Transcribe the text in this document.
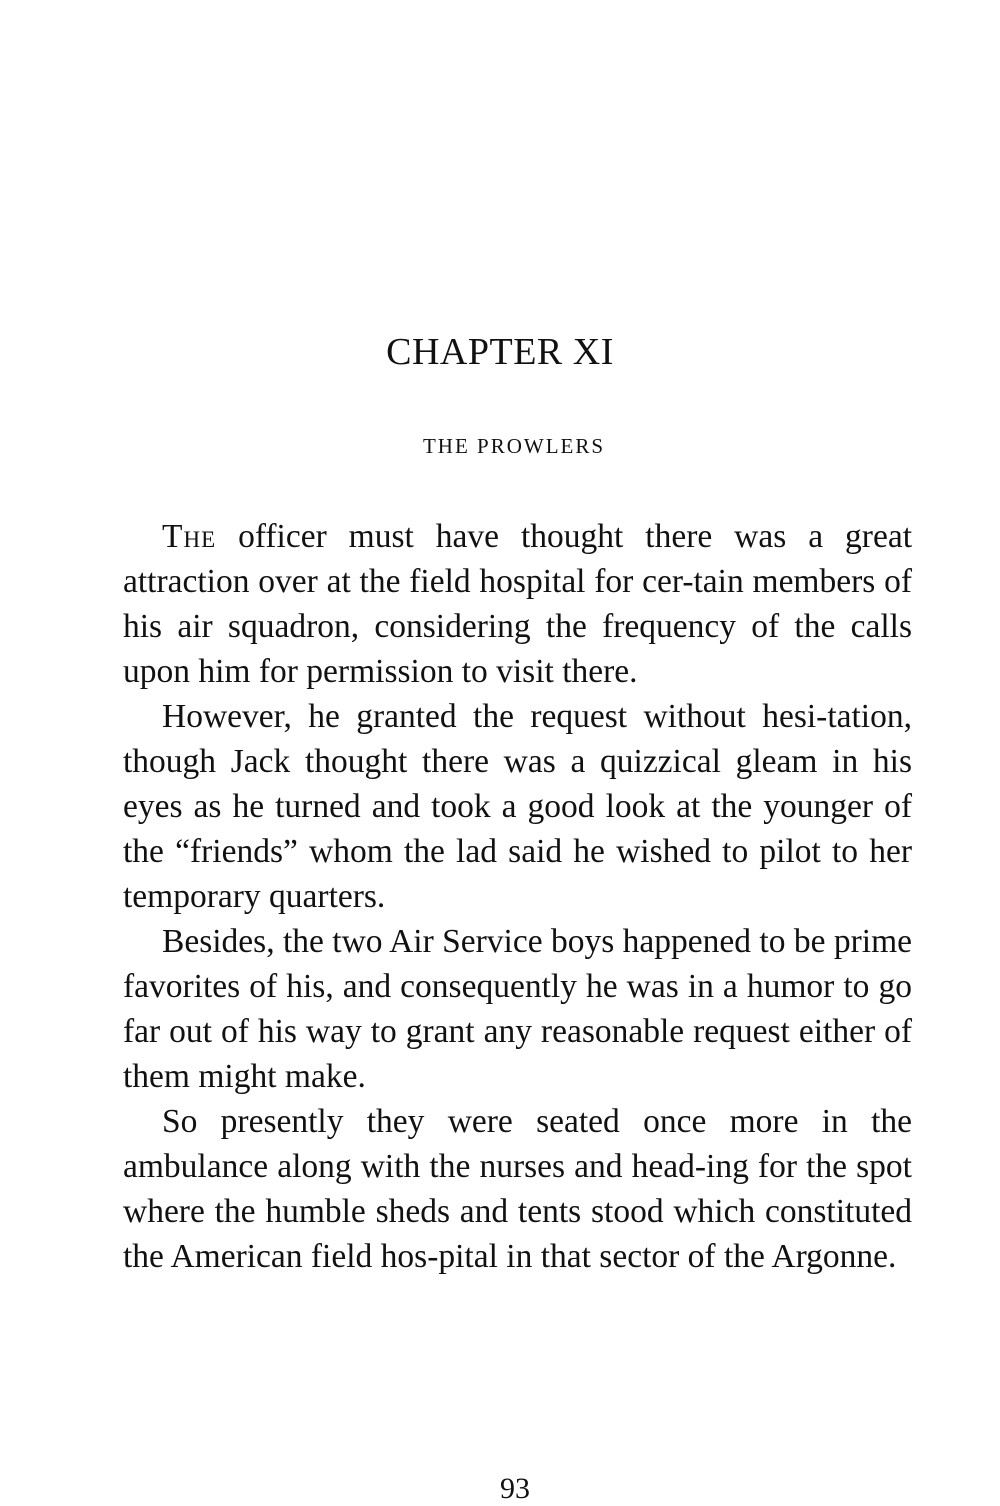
CHAPTER XI
THE PROWLERS

The officer must have thought there was a great attraction over at the field hospital for cer-tain members of his air squadron, considering the frequency of the calls upon him for permission to visit there.

However, he granted the request without hesi-tation, though Jack thought there was a quizzical gleam in his eyes as he turned and took a good look at the younger of the “friends” whom the lad said he wished to pilot to her temporary quarters.

Besides, the two Air Service boys happened to be prime favorites of his, and consequently he was in a humor to go far out of his way to grant any reasonable request either of them might make.

So presently they were seated once more in the ambulance along with the nurses and head-ing for the spot where the humble sheds and tents stood which constituted the American field hos-pital in that sector of the Argonne.

93
